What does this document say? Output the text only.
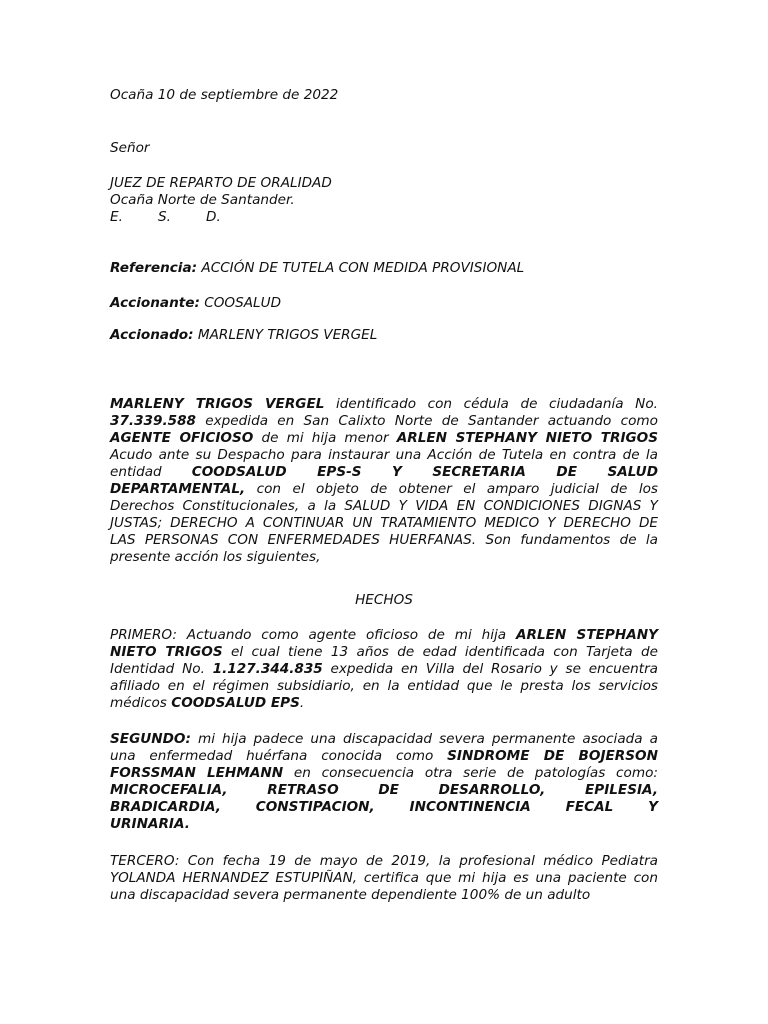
Ocaña 10 de septiembre de 2022

Señor

JUEZ DE REPARTO DE ORALIDAD
Ocaña Norte de Santander.
E.	S.	D.

Referencia: ACCIÓN DE TUTELA CON MEDIDA PROVISIONAL

Accionante: COOSALUD

Accionado: MARLENY TRIGOS VERGEL

MARLENY TRIGOS VERGEL identificado con cédula de ciudadanía No.
37.339.588 expedida en San Calixto Norte de Santander actuando como
AGENTE OFICIOSO de mi hija menor ARLEN STEPHANY NIETO TRIGOS
Acudo ante su Despacho para instaurar una Acción de Tutela en contra de la
entidad COODSALUD EPS-S Y SECRETARIA DE SALUD
DEPARTAMENTAL, con el objeto de obtener el amparo judicial de los
Derechos Constitucionales, a la SALUD Y VIDA EN CONDICIONES DIGNAS Y
JUSTAS; DERECHO A CONTINUAR UN TRATAMIENTO MEDICO Y DERECHO DE
LAS PERSONAS CON ENFERMEDADES HUERFANAS. Son fundamentos de la
presente acción los siguientes,

HECHOS

PRIMERO: Actuando como agente oficioso de mi hija ARLEN STEPHANY
NIETO TRIGOS el cual tiene 13 años de edad identificada con Tarjeta de
Identidad No. 1.127.344.835 expedida en Villa del Rosario y se encuentra
afiliado en el régimen subsidiario, en la entidad que le presta los servicios
médicos COODSALUD EPS.
SEGUNDO: mi hija padece una discapacidad severa permanente asociada a
una enfermedad huérfana conocida como SINDROME DE BOJERSON
FORSSMAN LEHMANN en consecuencia otra serie de patologías como:
MICROCEFALIA, RETRASO DE DESARROLLO, EPILESIA,
BRADICARDIA, CONSTIPACION, INCONTINENCIA FECAL Y
URINARIA.
TERCERO: Con fecha 19 de mayo de 2019, la profesional médico Pediatra
YOLANDA HERNANDEZ ESTUPIÑAN, certifica que mi hija es una paciente con
una discapacidad severa permanente dependiente 100% de un adulto
